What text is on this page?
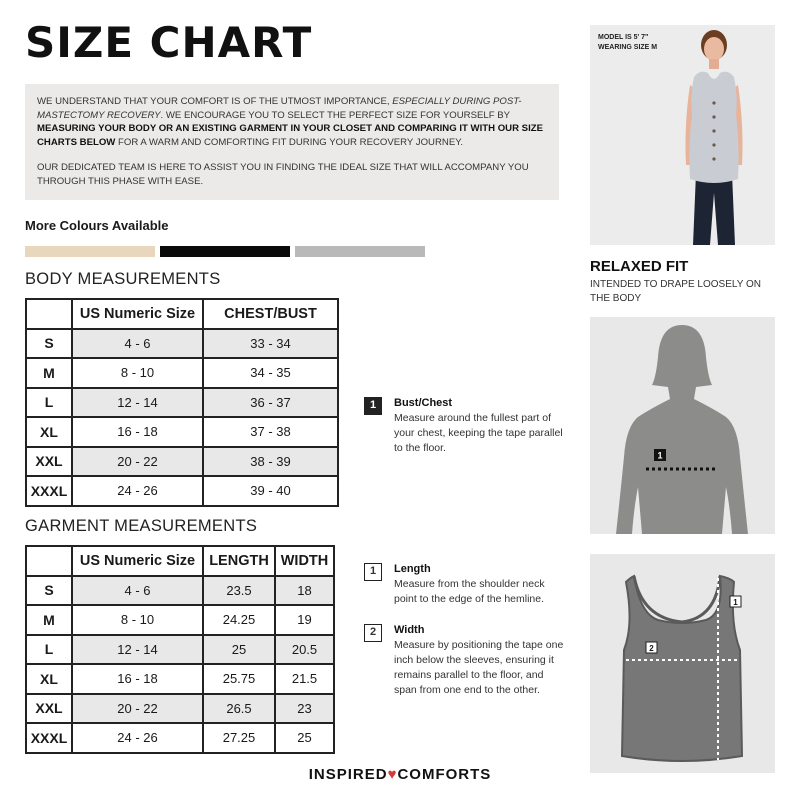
SIZE CHART

WE UNDERSTAND THAT YOUR COMFORT IS OF THE UTMOST IMPORTANCE, ESPECIALLY DURING POST-MASTECTOMY RECOVERY. WE ENCOURAGE YOU TO SELECT THE PERFECT SIZE FOR YOURSELF BY MEASURING YOUR BODY OR AN EXISTING GARMENT IN YOUR CLOSET AND COMPARING IT WITH OUR SIZE CHARTS BELOW FOR A WARM AND COMFORTING FIT DURING YOUR RECOVERY JOURNEY.

OUR DEDICATED TEAM IS HERE TO ASSIST YOU IN FINDING THE IDEAL SIZE THAT WILL ACCOMPANY YOU THROUGH THIS PHASE WITH EASE.

More Colours Available
BODY MEASUREMENTS
	US Numeric Size	CHEST/BUST
S	4 - 6	33 - 34
M	8 - 10	34 - 35
L	12 - 14	36 - 37
XL	16 - 18	37 - 38
XXL	20 - 22	38 - 39
XXXL	24 - 26	39 - 40
GARMENT MEASUREMENTS
	US Numeric Size	LENGTH	WIDTH
S	4 - 6	23.5	18
M	8 - 10	24.25	19
L	12 - 14	25	20.5
XL	16 - 18	25.75	21.5
XXL	20 - 22	26.5	23
XXXL	24 - 26	27.25	25
1	Bust/Chest
Measure around the fullest part of your chest, keeping the tape parallel to the floor.
1	Length
Measure from the shoulder neck point to the edge of the hemline.
2	Width
Measure by positioning the tape one inch below the sleeves, ensuring it remains parallel to the floor, and span from one end to the other.
MODEL IS 5' 7"
WEARING SIZE M
RELAXED FIT
INTENDED TO DRAPE LOOSELY ON THE BODY
1
1
2
INSPIRED♥COMFORTS
